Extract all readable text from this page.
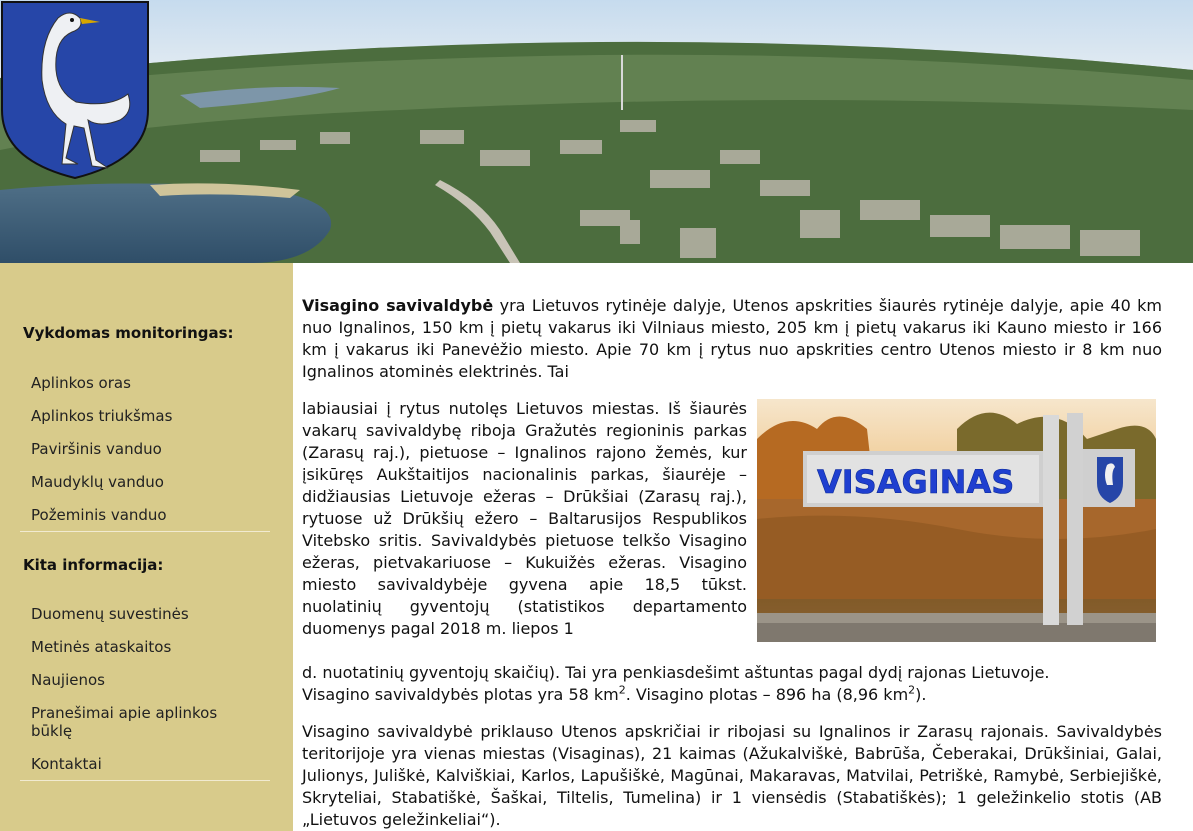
Vykdomas monitoringas:
Aplinkos oras
Aplinkos triukšmas
Paviršinis vanduo
Maudyklų vanduo
Požeminis vanduo
Kita informacija:
Duomenų suvestinės
Metinės ataskaitos
Naujienos
Pranešimai apie aplinkos būklę
Kontaktai

Visagino savivaldybė yra Lietuvos rytinėje dalyje, Utenos apskrities šiaurės rytinėje dalyje, apie 40 km nuo Ignalinos, 150 km į pietų vakarus iki Vilniaus miesto, 205 km į pietų vakarus iki Kauno miesto ir 166 km į vakarus iki Panevėžio miesto. Apie 70 km į rytus nuo apskrities centro Utenos miesto ir 8 km nuo Ignalinos atominės elektrinės. Tai

labiausiai į rytus nutolęs Lietuvos miestas. Iš šiaurės vakarų savivaldybę riboja Gražutės regioninis parkas (Zarasų raj.), pietuose – Ignalinos rajono žemės, kur įsikūręs Aukštaitijos nacionalinis parkas, šiaurėje – didžiausias Lietuvoje ežeras – Drūkšiai (Zarasų raj.), rytuose už Drūkšių ežero – Baltarusijos Respublikos Vitebsko sritis. Savivaldybės pietuose telkšo Visagino ežeras, pietvakariuose – Kukuižės ežeras. Visagino miesto savivaldybėje gyvena apie 18,5 tūkst. nuolatinių gyventojų (statistikos departamento duomenys pagal 2018 m. liepos 1

d. nuotatinių gyventojų skaičių). Tai yra penkiasdešimt aštuntas pagal dydį rajonas Lietuvoje.
Visagino savivaldybės plotas yra 58 $km^2$. Visagino plotas – 896 ha (8,96 $km^2$).

Visagino savivaldybė priklauso Utenos apskričiai ir ribojasi su Ignalinos ir Zarasų rajonais. Savivaldybės teritorijoje yra vienas miestas (Visaginas), 21 kaimas (Ažukalviškė, Babrūša, Čeberakai, Drūkšiniai, Galai, Julionys, Juliškė, Kalviškiai, Karlos, Lapušiškė, Magūnai, Makaravas, Matvilai, Petriškė, Ramybė, Serbiejiškė, Skryteliai, Stabatiškė, Šaškai, Tiltelis, Tumelina) ir 1 viensėdis (Stabatiškės); 1 geležinkelio stotis (AB „Lietuvos geležinkeliai“).

VISAGINAS
